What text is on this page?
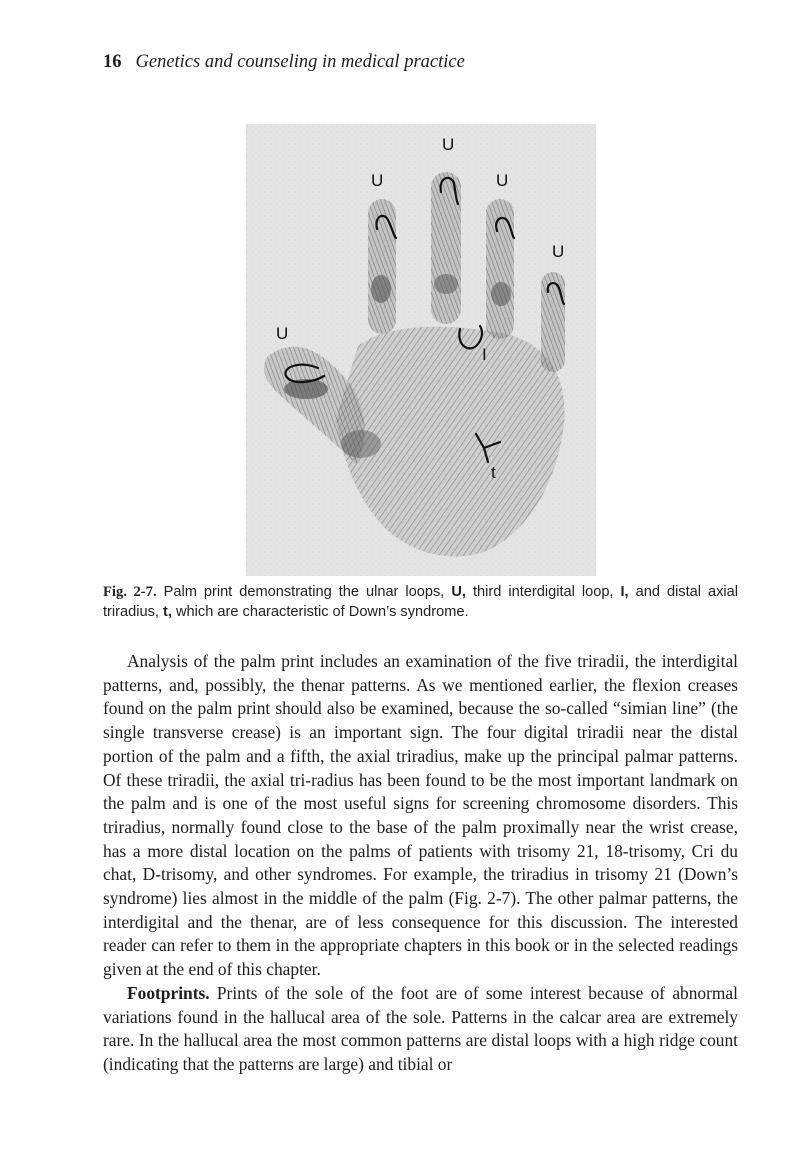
16 Genetics and counseling in medical practice
U
U	U
U
U
I
t
Fig. 2-7. Palm print demonstrating the ulnar loops, U, third interdigital loop, I, and distal axial triradius, t, which are characteristic of Down’s syndrome.

Analysis of the palm print includes an examination of the five triradii, the interdigital patterns, and, possibly, the thenar patterns. As we mentioned earlier, the flexion creases found on the palm print should also be examined, because the so-called “simian line” (the single transverse crease) is an important sign. The four digital triradii near the distal portion of the palm and a fifth, the axial triradius, make up the principal palmar patterns. Of these triradii, the axial tri-radius has been found to be the most important landmark on the palm and is one of the most useful signs for screening chromosome disorders. This triradius, normally found close to the base of the palm proximally near the wrist crease, has a more distal location on the palms of patients with trisomy 21, 18-trisomy, Cri du chat, D-trisomy, and other syndromes. For example, the triradius in trisomy 21 (Down’s syndrome) lies almost in the middle of the palm (Fig. 2-7). The other palmar patterns, the interdigital and the thenar, are of less consequence for this discussion. The interested reader can refer to them in the appropriate chapters in this book or in the selected readings given at the end of this chapter.

Footprints. Prints of the sole of the foot are of some interest because of abnormal variations found in the hallucal area of the sole. Patterns in the calcar area are extremely rare. In the hallucal area the most common patterns are distal loops with a high ridge count (indicating that the patterns are large) and tibial or
